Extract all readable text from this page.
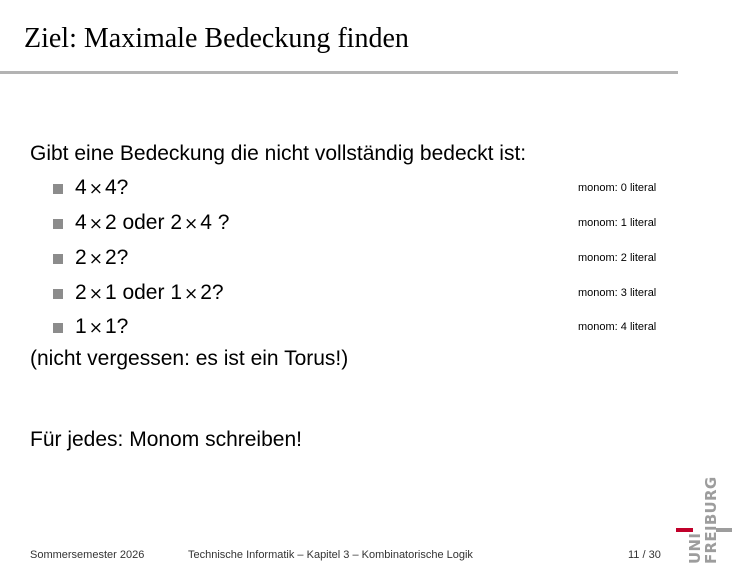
Ziel: Maximale Bedeckung finden
Gibt eine Bedeckung die nicht vollständig bedeckt ist:
4 ×4?	monom: 0 literal
4 ×2 oder 2 ×4 ?	monom: 1 literal
2 ×2?	monom: 2 literal
2 ×1 oder 1 ×2?	monom: 3 literal
1 ×1?	monom: 4 literal
(nicht vergessen: es ist ein Torus!)
Für jedes: Monom schreiben!
Sommersemester 2026	Technische Informatik – Kapitel 3 – Kombinatorische Logik	11 / 30 UNI
FREIBURG
